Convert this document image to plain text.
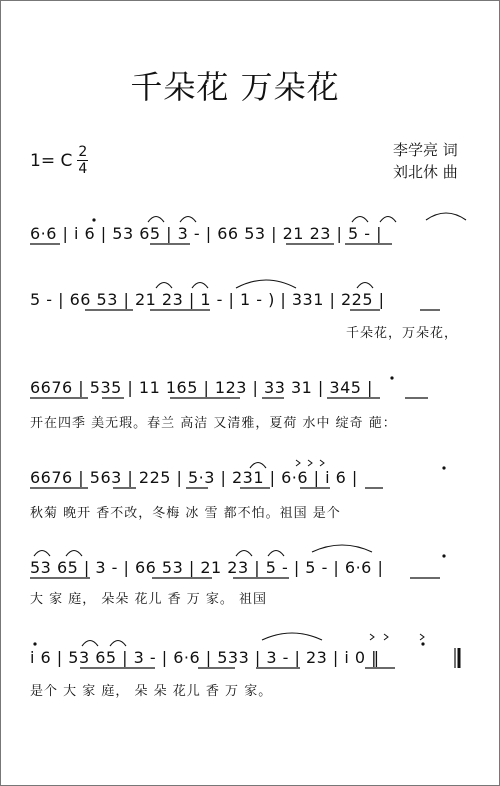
千朵花 万朵花
1= C $\frac{2}{4}$	李学亮 词
刘北休 曲
6·6 | i 6 | 53 65 | 3 - | 66 53 | 21 23 | 5 - |
5 - | 66 53 | 21 23 | 1 - | 1 - ) | 331 | 225 |
千朵花，万朵花，
6676 | 535 | 11 165 | 123 | 33 31 | 345 |
开在四季 美无瑕。春兰 高洁 又清雅，夏荷 水中 绽奇 葩：
6676 | 563 | 225 | 5·3 | 231 | 6·6 | i 6 |
秋菊 晚开 香不改，冬梅 冰 雪 都不怕。祖国 是个
53 65 | 3 - | 66 53 | 21 23 | 5 - | 5 - | 6·6 |
大 家 庭， 朵朵 花儿 香 万 家。 祖国
i 6 | 53 65 | 3 - | 6·6 | 533 | 3 - | 23 | i 0 ‖
是个 大 家 庭， 朵 朵 花儿 香 万 家。
